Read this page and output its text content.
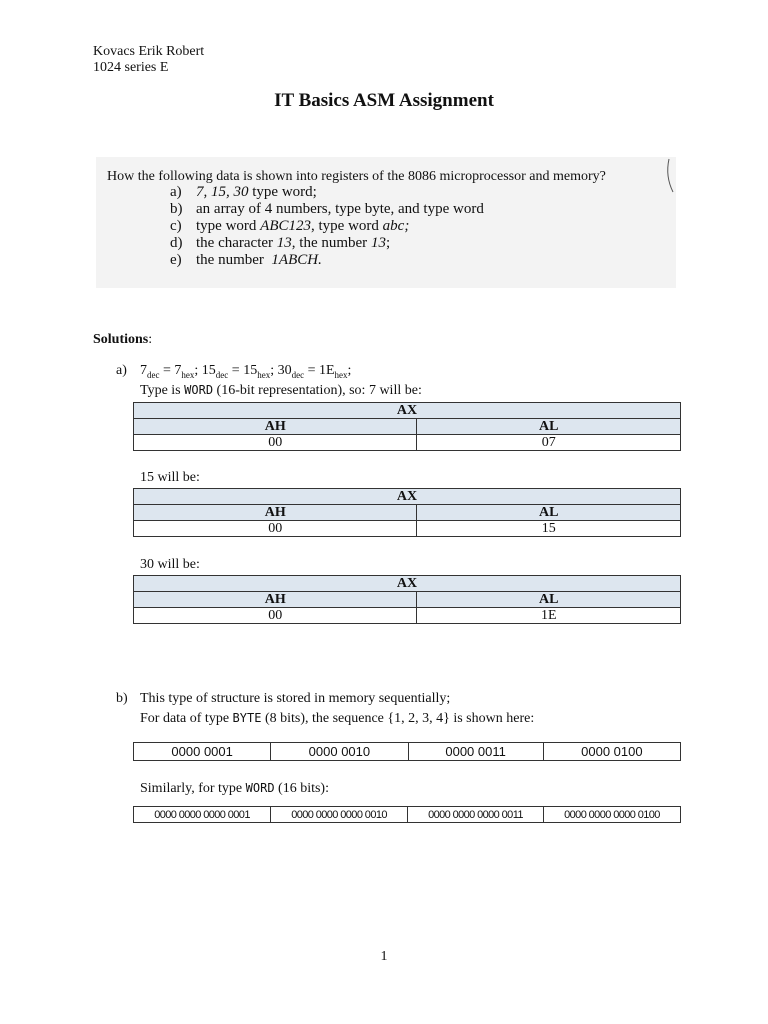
Kovacs Erik Robert
1024 series E
IT Basics ASM Assignment
How the following data is shown into registers of the 8086 microprocessor and memory?
a) 7, 15, 30 type word;
b) an array of 4 numbers, type byte, and type word
c) type word ABC123, type word abc;
d) the character 13, the number 13;
e) the number  1ABCH.
Solutions:
a) $7_{dec} = 7_{hex}$; $15_{dec} = 15_{hex}$; $30_{dec} = 1E_{hex}$;
Type is WORD (16-bit representation), so: 7 will be:
AX	
AH	AL
00	07
15 will be:
AX	
AH	AL
00	15
30 will be:
AX	
AH	AL
00	1E
b) This type of structure is stored in memory sequentially;
For data of type BYTE (8 bits), the sequence {1, 2, 3, 4} is shown here:
0000 0001	0000 0010	0000 0011	0000 0100
Similarly, for type WORD (16 bits):
0000 0000 0000 0001	0000 0000 0000 0010	0000 0000 0000 0011	0000 0000 0000 0100
1
